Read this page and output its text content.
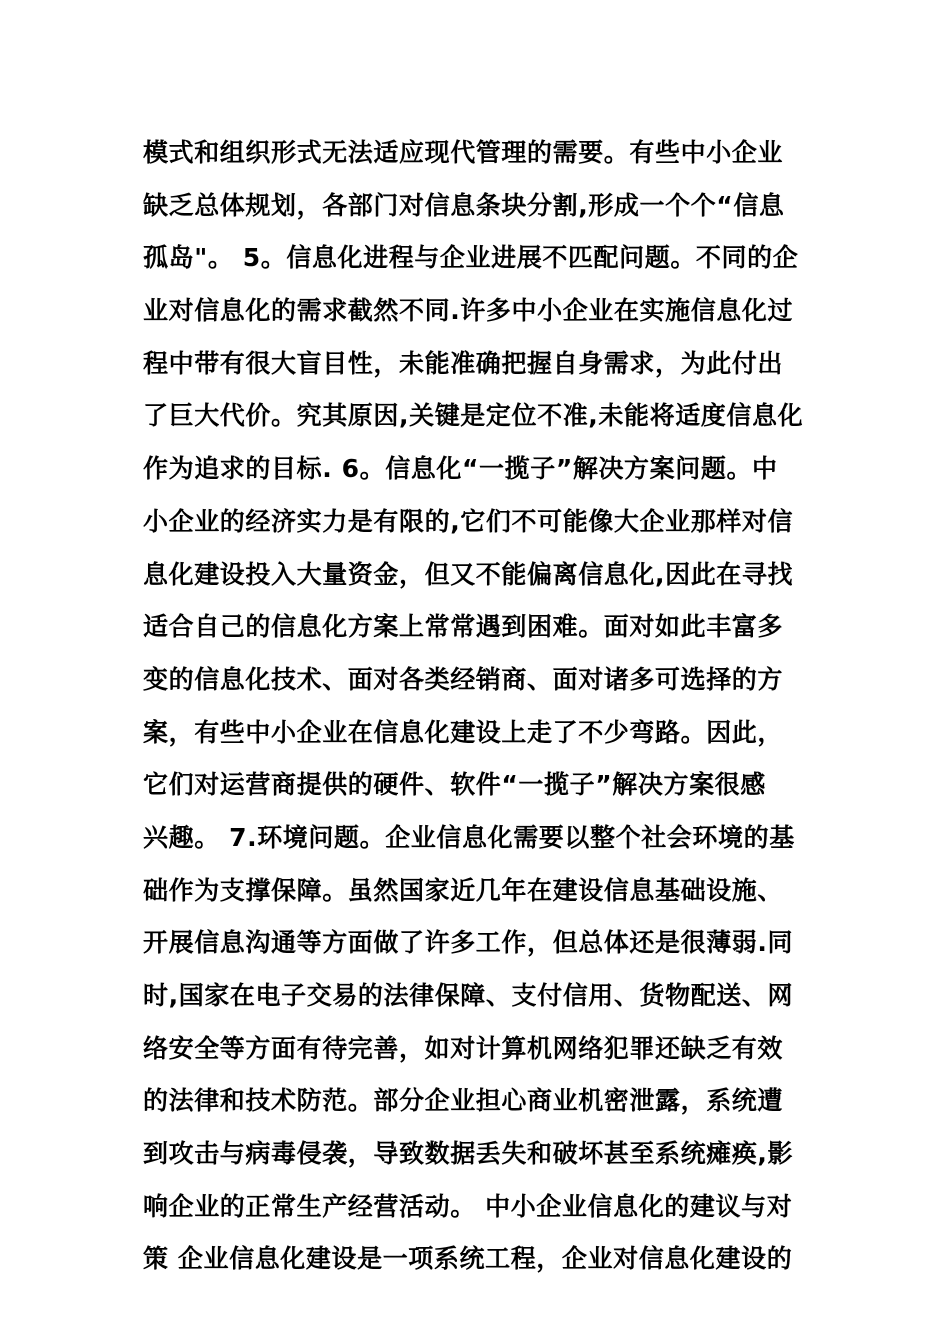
模式和组织形式无法适应现代管理的需要。有些中小企业
缺乏总体规划，各部门对信息条块分割,形成一个个“信息
孤岛"。 5。信息化进程与企业进展不匹配问题。不同的企
业对信息化的需求截然不同.许多中小企业在实施信息化过
程中带有很大盲目性，未能准确把握自身需求，为此付出
了巨大代价。究其原因,关键是定位不准,未能将适度信息化
作为追求的目标. 6。信息化“一揽子”解决方案问题。中
小企业的经济实力是有限的,它们不可能像大企业那样对信
息化建设投入大量资金，但又不能偏离信息化,因此在寻找
适合自己的信息化方案上常常遇到困难。面对如此丰富多
变的信息化技术、面对各类经销商、面对诸多可选择的方
案，有些中小企业在信息化建设上走了不少弯路。因此，
它们对运营商提供的硬件、软件“一揽子”解决方案很感
兴趣。 7.环境问题。企业信息化需要以整个社会环境的基
础作为支撑保障。虽然国家近几年在建设信息基础设施、
开展信息沟通等方面做了许多工作，但总体还是很薄弱.同
时,国家在电子交易的法律保障、支付信用、货物配送、网
络安全等方面有待完善，如对计算机网络犯罪还缺乏有效
的法律和技术防范。部分企业担心商业机密泄露，系统遭
到攻击与病毒侵袭，导致数据丢失和破坏甚至系统瘫痪,影
响企业的正常生产经营活动。 中小企业信息化的建议与对
策 企业信息化建设是一项系统工程，企业对信息化建设的
